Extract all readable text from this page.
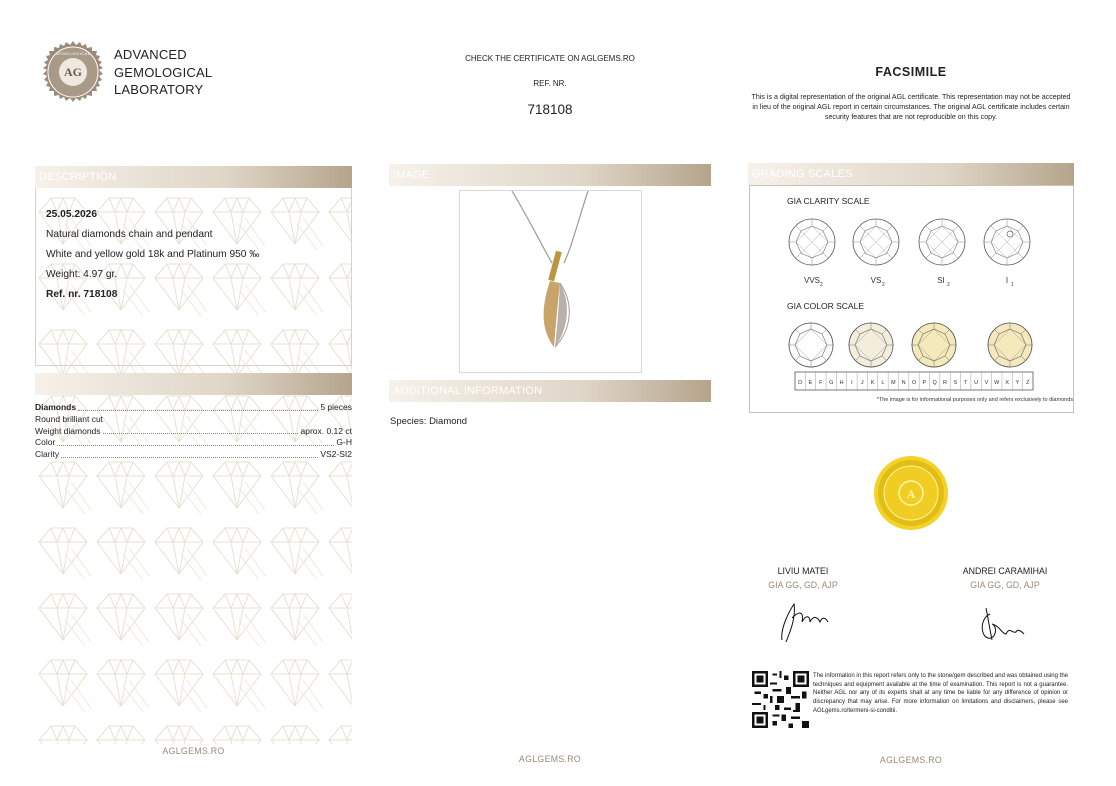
AG
GEMOLOGICAL ADVANCED
GEMOLOGICAL
LABORATORY
CHECK THE CERTIFICATE ON AGLGEMS.RO
REF. NR.
718108
FACSIMILE
This is a digital representation of the original AGL certificate. This representation may not be accepted in lieu of the original AGL report in certain circumstances. The original AGL certificate includes certain security features that are not reproducible on this copy.
DESCRIPTION
25.05.2026
Natural diamonds chain and pendant
White and yellow gold 18k and Platinum 950 ‰
Weight: 4.97 gr.
Ref. nr. 718108
Diamonds	5 pieces
Round brilliant cut
Weight diamonds	aprox. 0.12 ct
Color	G-H
Clarity	VS2-SI2
IMAGE
ADDITIONAL INFORMATION
Species: Diamond
GRADING SCALES
GIA CLARITY SCALE
VVS 2	VS 2	SI 2	I 1
GIA COLOR SCALE
D E F G H I J K L M N O P Q R S T U V W X Y Z
*The image is for informational purposes only and refers exclusively to diamonds
A
LIVIU MATEI
GIA GG, GD, AJP
ANDREI CARAMIHAI
GIA GG, GD, AJP
The information in this report refers only to the stone/gem described and was obtained using the techniques and equipment available at the time of examination. This report is not a guarantee. Neither AGL nor any of its experts shall at any time be liable for any difference of opinion or discrepancy that may arise. For more information on limitations and disclaimers, please see AGLgems.ro/termeni-si-conditii.
AGLGEMS.RO
AGLGEMS.RO	AGLGEMS.RO
